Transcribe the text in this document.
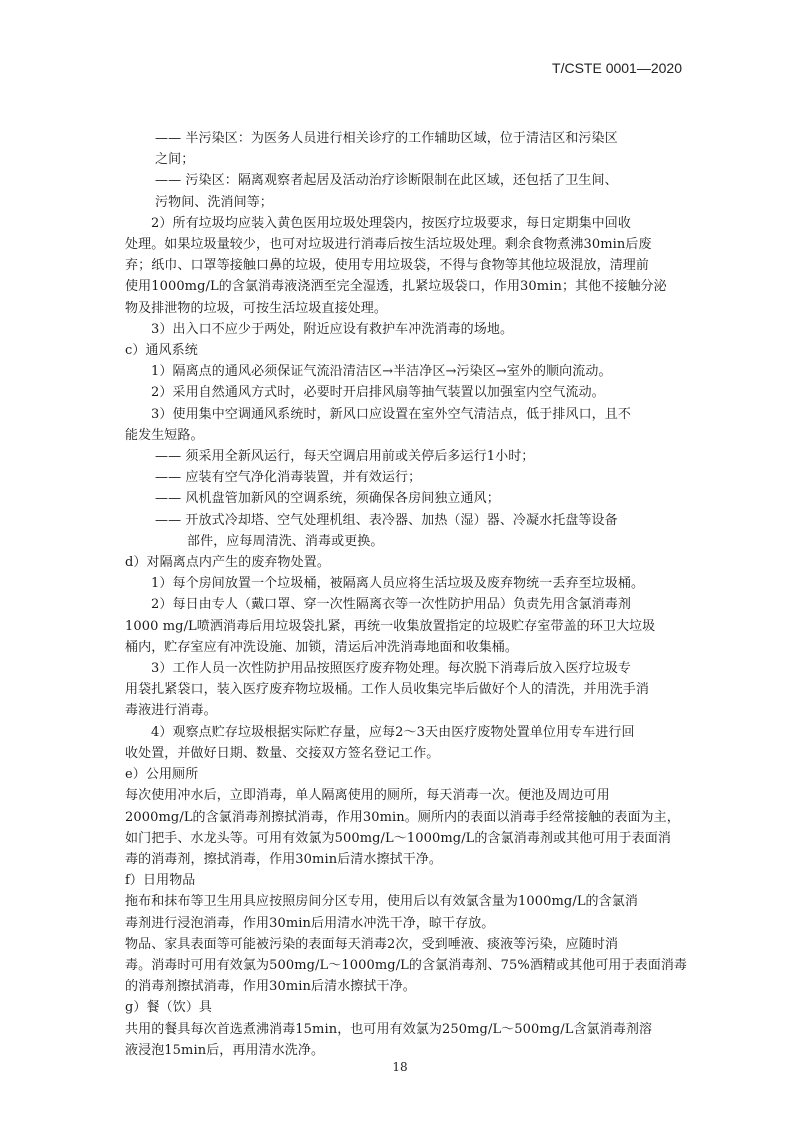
T/CSTE 0001—2020
—— 半污染区：为医务人员进行相关诊疗的工作辅助区域，位于清洁区和污染区
之间；
—— 污染区：隔离观察者起居及活动治疗诊断限制在此区域，还包括了卫生间、
污物间、洗消间等；
2）所有垃圾均应装入黄色医用垃圾处理袋内，按医疗垃圾要求，每日定期集中回收
处理。如果垃圾量较少，也可对垃圾进行消毒后按生活垃圾处理。剩余食物煮沸30min后废
弃；纸巾、口罩等接触口鼻的垃圾，使用专用垃圾袋，不得与食物等其他垃圾混放，清理前
使用1000mg/L的含氯消毒液浇洒至完全湿透，扎紧垃圾袋口，作用30min；其他不接触分泌
物及排泄物的垃圾，可按生活垃圾直接处理。
3）出入口不应少于两处，附近应设有救护车冲洗消毒的场地。
c）通风系统
1）隔离点的通风必须保证气流沿清洁区→半洁净区→污染区→室外的顺向流动。
2）采用自然通风方式时，必要时开启排风扇等抽气装置以加强室内空气流动。
3）使用集中空调通风系统时，新风口应设置在室外空气清洁点，低于排风口，且不
能发生短路。
—— 须采用全新风运行，每天空调启用前或关停后多运行1小时；
—— 应装有空气净化消毒装置，并有效运行；
—— 风机盘管加新风的空调系统，须确保各房间独立通风；
—— 开放式冷却塔、空气处理机组、表冷器、加热（湿）器、冷凝水托盘等设备
部件，应每周清洗、消毒或更换。
d）对隔离点内产生的废弃物处置。
1）每个房间放置一个垃圾桶，被隔离人员应将生活垃圾及废弃物统一丢弃至垃圾桶。
2）每日由专人（戴口罩、穿一次性隔离衣等一次性防护用品）负责先用含氯消毒剂
1000 mg/L喷洒消毒后用垃圾袋扎紧，再统一收集放置指定的垃圾贮存室带盖的环卫大垃圾
桶内，贮存室应有冲洗设施、加锁，清运后冲洗消毒地面和收集桶。
3）工作人员一次性防护用品按照医疗废弃物处理。每次脱下消毒后放入医疗垃圾专
用袋扎紧袋口，装入医疗废弃物垃圾桶。工作人员收集完毕后做好个人的清洗，并用洗手消
毒液进行消毒。
4）观察点贮存垃圾根据实际贮存量，应每2～3天由医疗废物处置单位用专车进行回
收处置，并做好日期、数量、交接双方签名登记工作。
e）公用厕所
每次使用冲水后，立即消毒，单人隔离使用的厕所，每天消毒一次。便池及周边可用
2000mg/L的含氯消毒剂擦拭消毒，作用30min。厕所内的表面以消毒手经常接触的表面为主，
如门把手、水龙头等。可用有效氯为500mg/L～1000mg/L的含氯消毒剂或其他可用于表面消
毒的消毒剂，擦拭消毒，作用30min后清水擦拭干净。
f）日用物品
拖布和抹布等卫生用具应按照房间分区专用，使用后以有效氯含量为1000mg/L的含氯消
毒剂进行浸泡消毒，作用30min后用清水冲洗干净，晾干存放。
物品、家具表面等可能被污染的表面每天消毒2次，受到唾液、痰液等污染，应随时消
毒。消毒时可用有效氯为500mg/L～1000mg/L的含氯消毒剂、75%酒精或其他可用于表面消毒
的消毒剂擦拭消毒，作用30min后清水擦拭干净。
g）餐（饮）具
共用的餐具每次首选煮沸消毒15min，也可用有效氯为250mg/L～500mg/L含氯消毒剂溶
液浸泡15min后，再用清水洗净。
18
